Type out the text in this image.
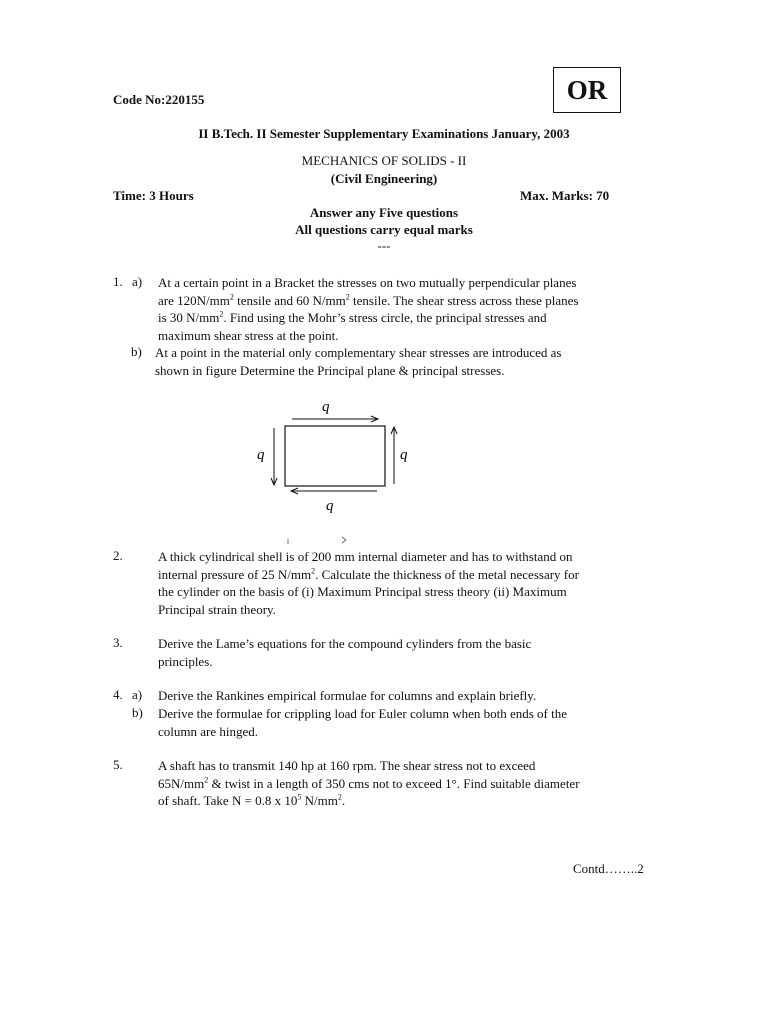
Code No:220155	OR
II B.Tech. II Semester Supplementary Examinations January, 2003
MECHANICS OF SOLIDS - II
(Civil Engineering)
Time: 3 Hours	Max. Marks: 70
Answer any Five questions
All questions carry equal marks
---
1. a) At a certain point in a Bracket the stresses on two mutually perpendicular planes
are $120N/mm^2$ tensile and 60 $N/mm^2$ tensile. The shear stress across these planes
is 30 $N/mm^2$. Find using the Mohr’s stress circle, the principal stresses and
maximum shear stress at the point.
b) At a point in the material only complementary shear stresses are introduced as
shown in figure Determine the Principal plane & principal stresses.
q
q
q
q
2.	A thick cylindrical shell is of 200 mm internal diameter and has to withstand on
internal pressure of 25 $N/mm^2$. Calculate the thickness of the metal necessary for
the cylinder on the basis of (i) Maximum Principal stress theory (ii) Maximum
Principal strain theory.
3.	Derive the Lame’s equations for the compound cylinders from the basic
principles.
4. a) Derive the Rankines empirical formulae for columns and explain briefly.
b) Derive the formulae for crippling load for Euler column when both ends of the
column are hinged.
5.	A shaft has to transmit 140 hp at 160 rpm. The shear stress not to exceed
$65N/mm^2$ & twist in a length of 350 cms not to exceed 1°. Find suitable diameter
of shaft. Take N = 0.8 x $10^5$ $N/mm^2$.
Contd……..2
